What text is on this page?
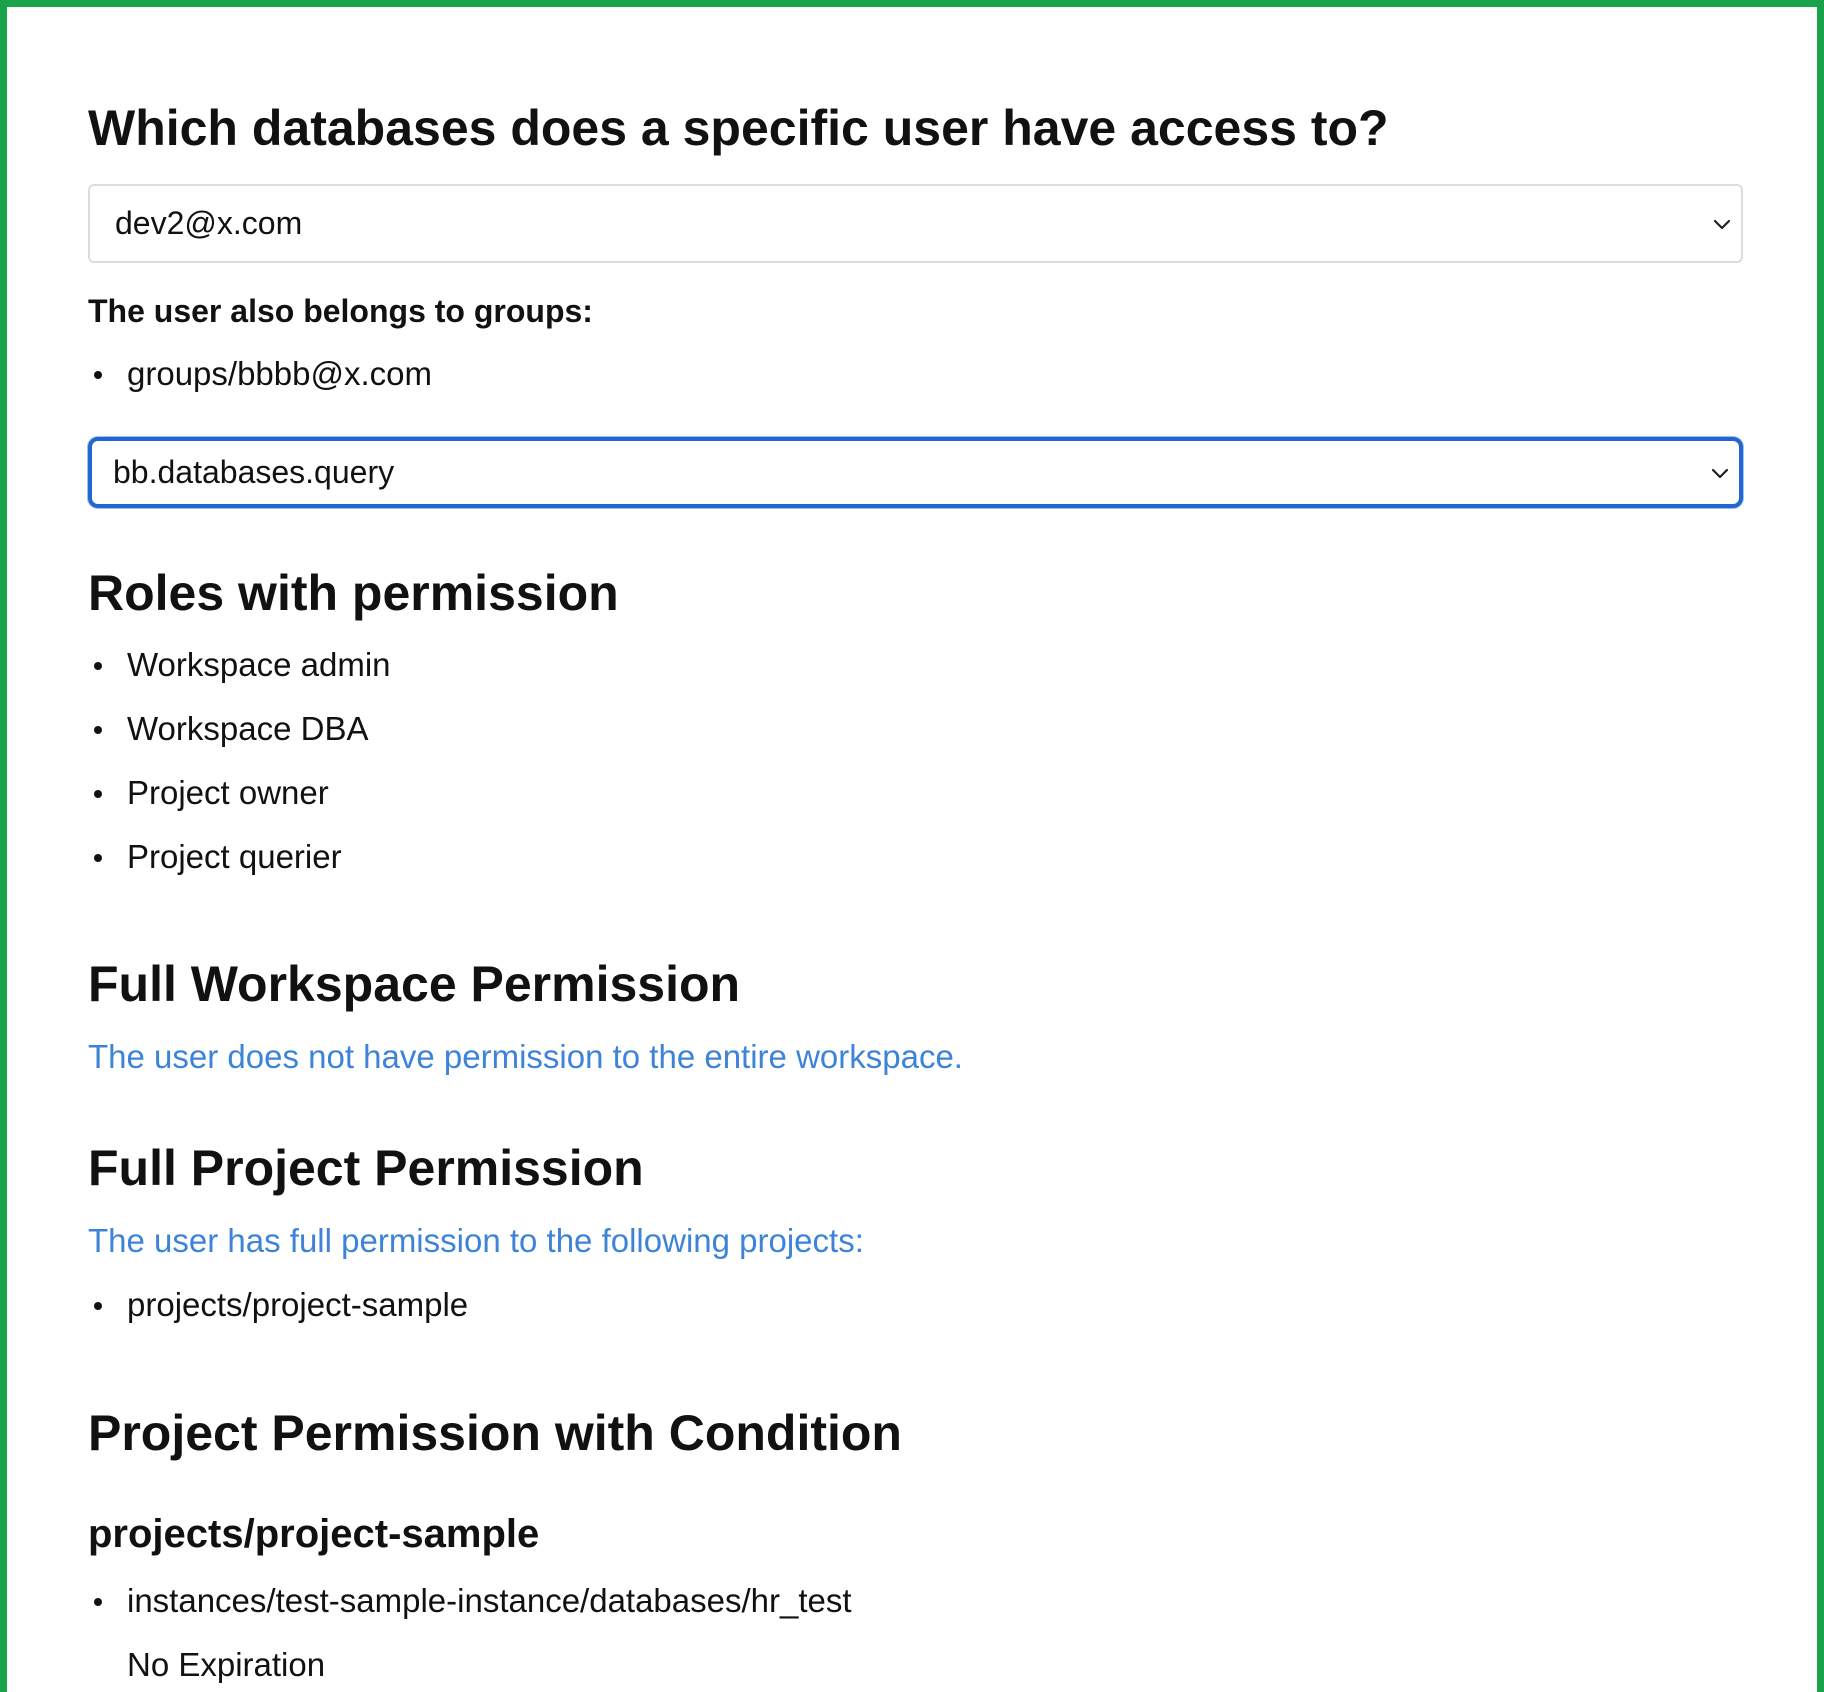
Which databases does a specific user have access to?
dev2@x.com
The user also belongs to groups:
groups/bbbb@x.com
bb.databases.query
Roles with permission
Workspace admin
Workspace DBA
Project owner
Project querier
Full Workspace Permission
The user does not have permission to the entire workspace.
Full Project Permission
The user has full permission to the following projects:
projects/project-sample
Project Permission with Condition
projects/project-sample
instances/test-sample-instance/databases/hr_test
No Expiration
